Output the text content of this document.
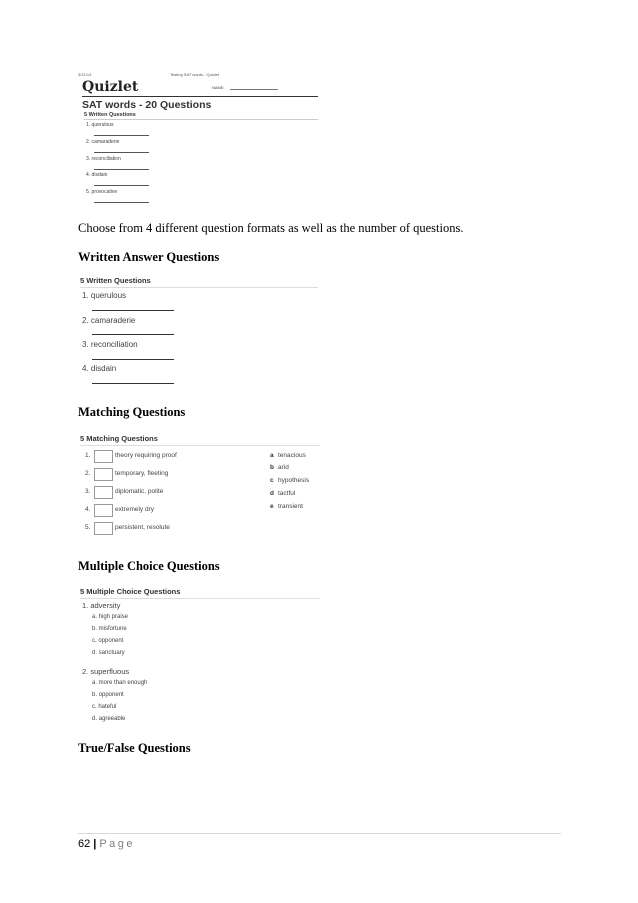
3/21/13	Testing SAT words - Quizlet
Quizlet	NAME:
SAT words - 20 Questions
5 Written Questions
1. querulous
2. camaraderie
3. reconciliation
4. disdain
5. provocative
Choose from 4 different question formats as well as the number of questions.
Written Answer Questions
5 Written Questions
1. querulous
2. camaraderie
3. reconciliation
4. disdain
Matching Questions
5 Matching Questions
1.	theory requiring proof
2.	temporary, fleeting
3.	diplomatic, polite
4.	extremely dry
5.	persistent, resolute
a tenacious
b arid
c hypothesis
d tactful
e transient
Multiple Choice Questions
5 Multiple Choice Questions
1. adversity
a. high praise
b. misfortune
c. opponent
d. sanctuary
2. superfluous
a. more than enough
b. opponent
c. hateful
d. agreeable
True/False Questions
62 | Page
